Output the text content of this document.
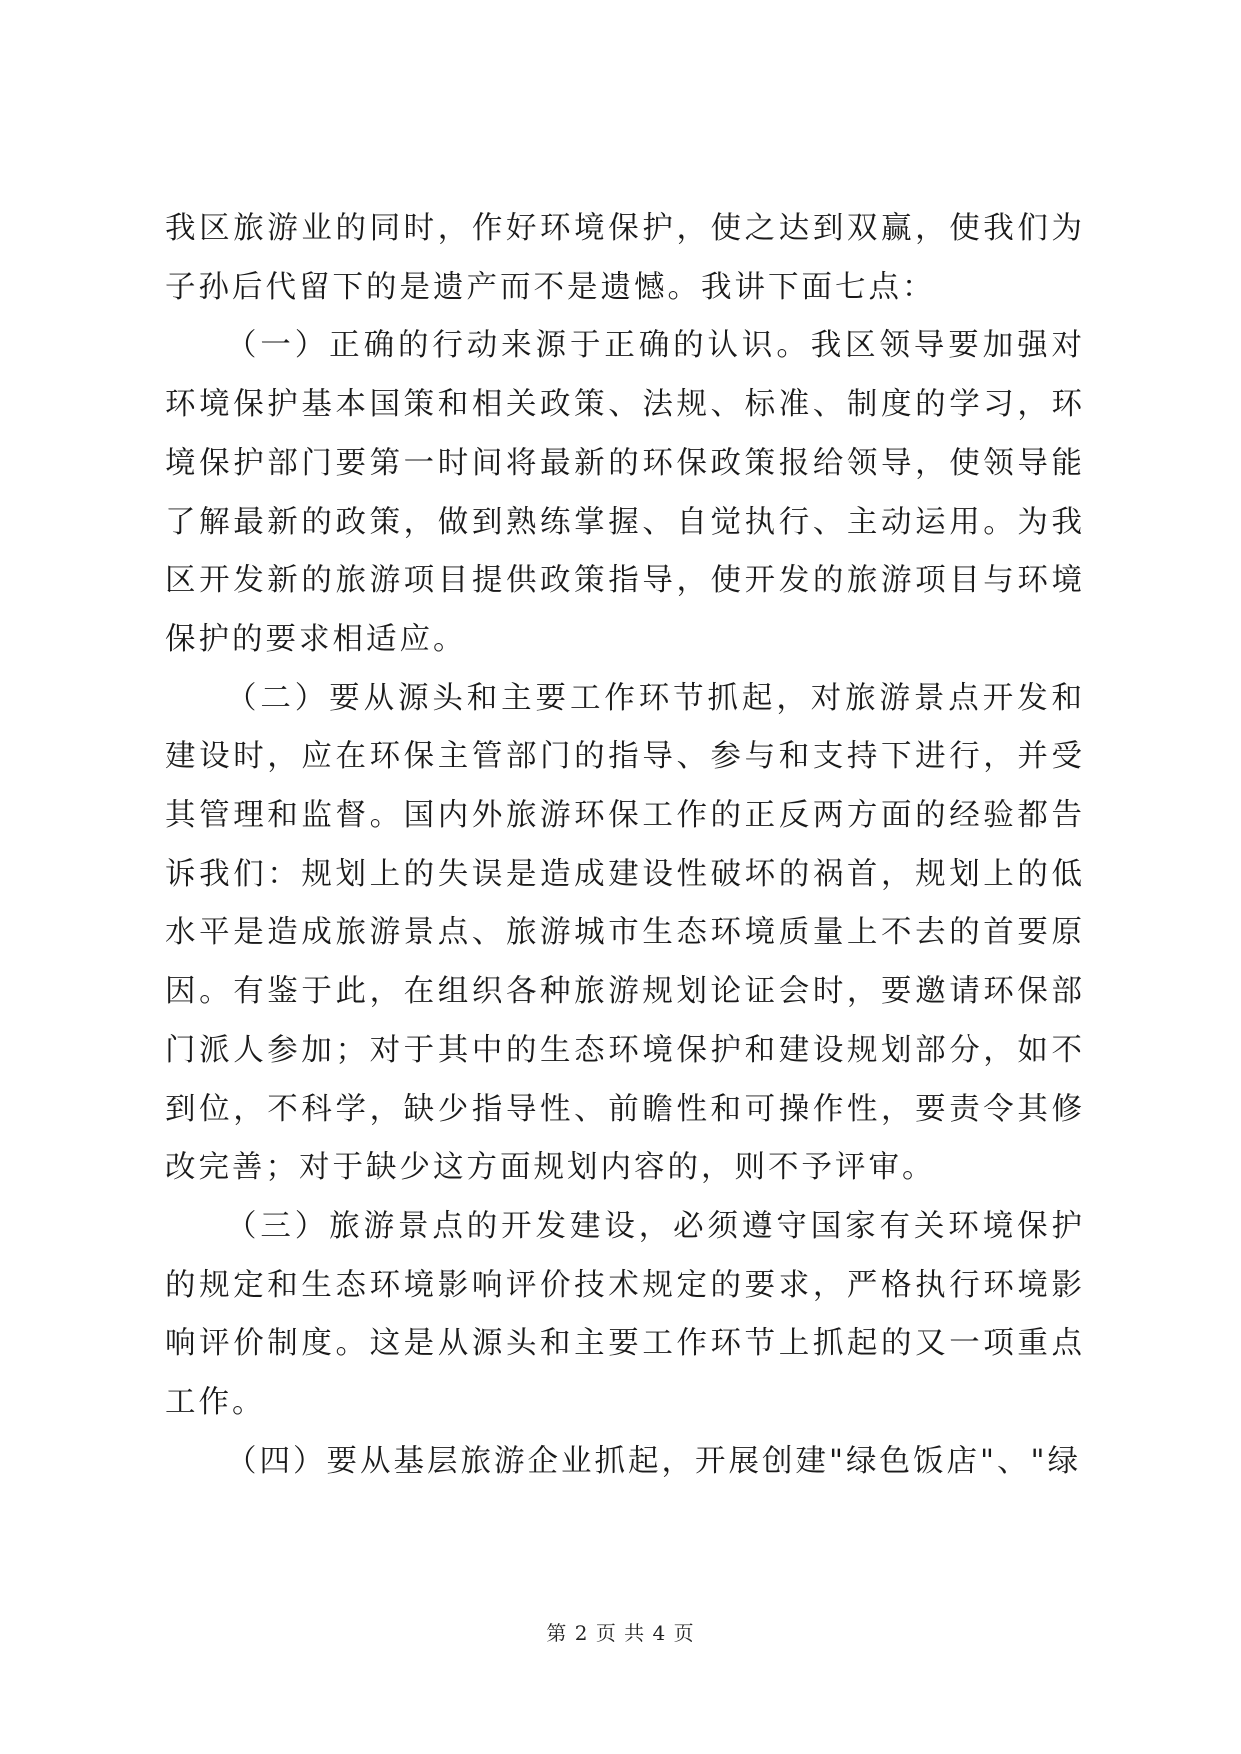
我区旅游业的同时，作好环境保护，使之达到双赢，使我们为子孙后代留下的是遗产而不是遗憾。我讲下面七点：

（一）正确的行动来源于正确的认识。我区领导要加强对环境保护基本国策和相关政策、法规、标准、制度的学习，环境保护部门要第一时间将最新的环保政策报给领导，使领导能了解最新的政策，做到熟练掌握、自觉执行、主动运用。为我区开发新的旅游项目提供政策指导，使开发的旅游项目与环境保护的要求相适应。

（二）要从源头和主要工作环节抓起，对旅游景点开发和建设时，应在环保主管部门的指导、参与和支持下进行，并受其管理和监督。国内外旅游环保工作的正反两方面的经验都告诉我们：规划上的失误是造成建设性破坏的祸首，规划上的低水平是造成旅游景点、旅游城市生态环境质量上不去的首要原因。有鉴于此，在组织各种旅游规划论证会时，要邀请环保部门派人参加；对于其中的生态环境保护和建设规划部分，如不到位，不科学，缺少指导性、前瞻性和可操作性，要责令其修改完善；对于缺少这方面规划内容的，则不予评审。

（三）旅游景点的开发建设，必须遵守国家有关环境保护的规定和生态环境影响评价技术规定的要求，严格执行环境影响评价制度。这是从源头和主要工作环节上抓起的又一项重点工作。

（四）要从基层旅游企业抓起，开展创建"绿色饭店"、"绿

第 2 页 共 4 页
